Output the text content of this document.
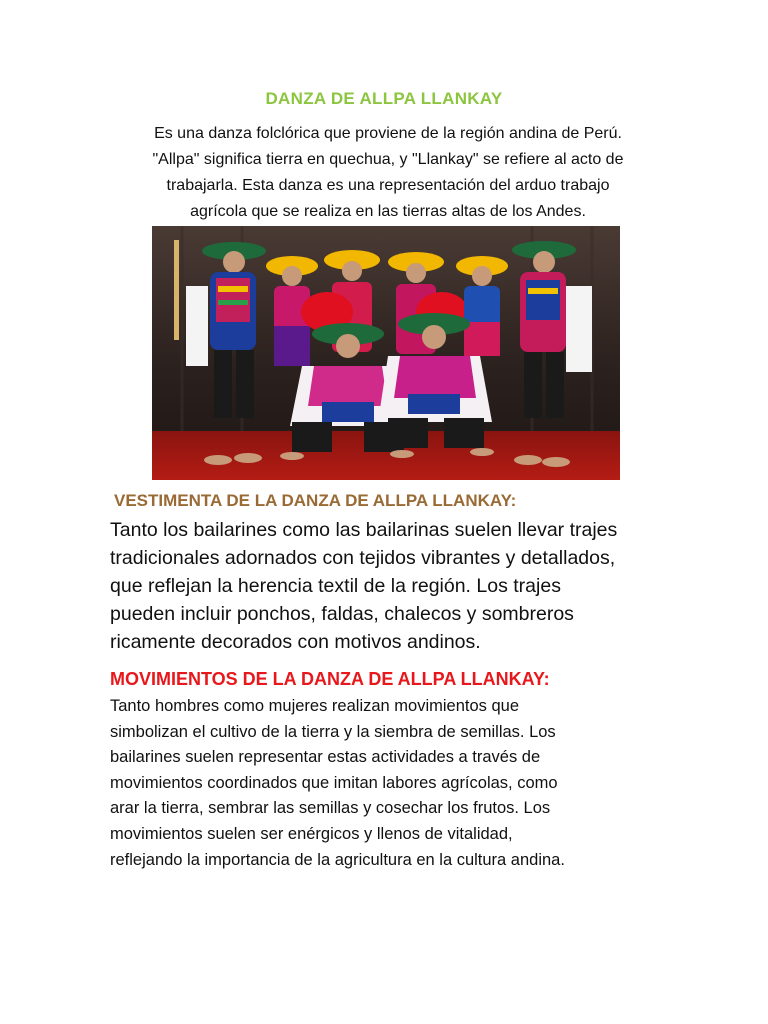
DANZA DE ALLPA LLANKAY
Es una danza folclórica que proviene de la región andina de Perú.
"Allpa" significa tierra en quechua, y "Llankay" se refiere al acto de
trabajarla. Esta danza es una representación del arduo trabajo
agrícola que se realiza en las tierras altas de los Andes.
VESTIMENTA DE LA DANZA DE ALLPA LLANKAY:
Tanto los bailarines como las bailarinas suelen llevar trajes
tradicionales adornados con tejidos vibrantes y detallados,
que reflejan la herencia textil de la región. Los trajes
pueden incluir ponchos, faldas, chalecos y sombreros
ricamente decorados con motivos andinos.
MOVIMIENTOS DE LA DANZA DE ALLPA LLANKAY:
Tanto hombres como mujeres realizan movimientos que
simbolizan el cultivo de la tierra y la siembra de semillas. Los
bailarines suelen representar estas actividades a través de
movimientos coordinados que imitan labores agrícolas, como
arar la tierra, sembrar las semillas y cosechar los frutos. Los
movimientos suelen ser enérgicos y llenos de vitalidad,
reflejando la importancia de la agricultura en la cultura andina.
